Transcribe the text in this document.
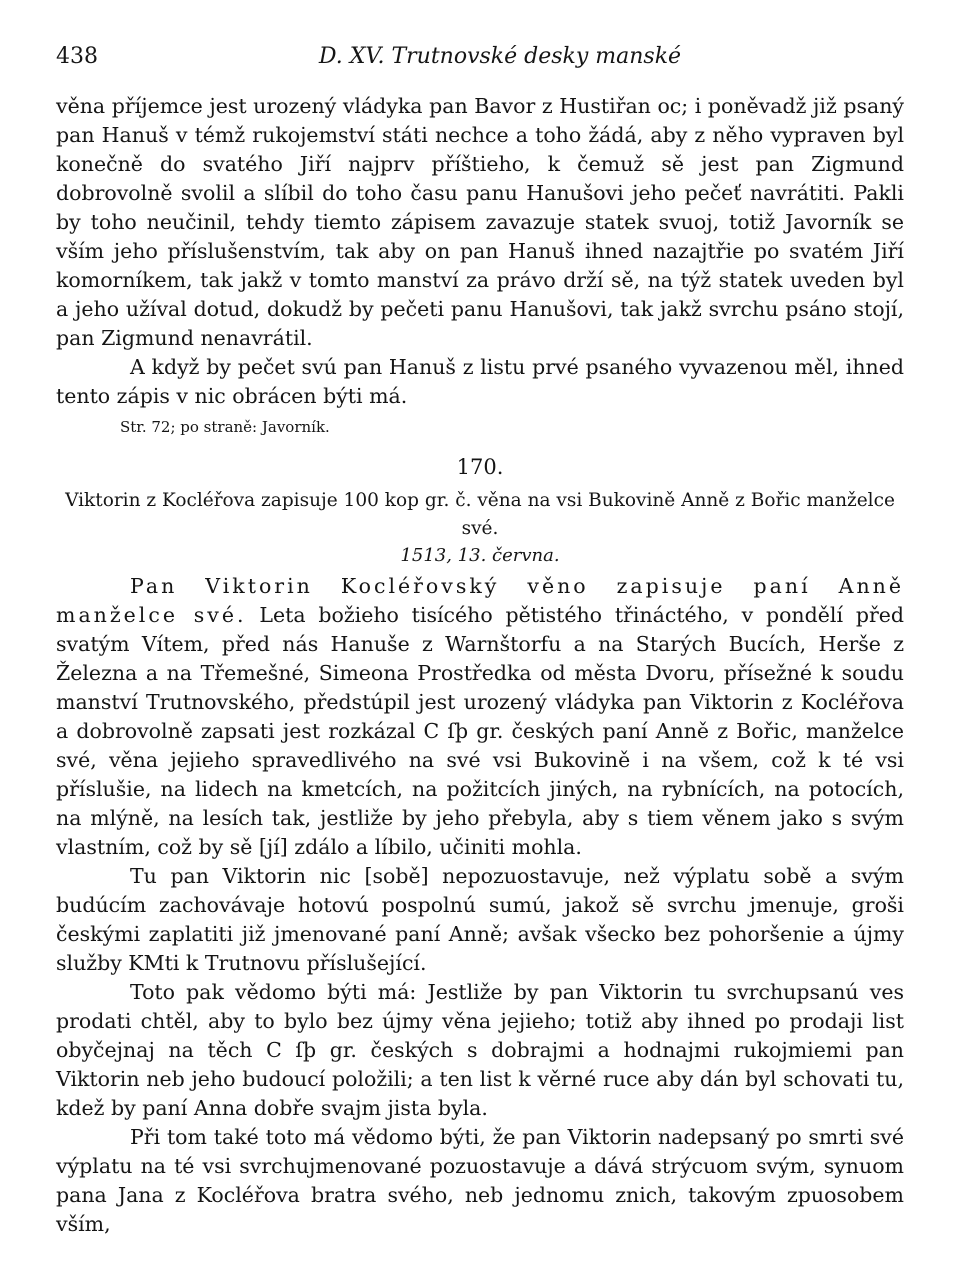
438	D. XV. Trutnovské desky manské

věna příjemce jest urozený vládyka pan Bavor z Hustiřan oc; i poněvadž již psaný pan Hanuš v témž rukojemství státi nechce a toho žádá, aby z něho vypraven byl konečně do svatého Jiří najprv příštieho, k čemuž sě jest pan Zigmund dobrovolně svolil a slíbil do toho času panu Hanušovi jeho pečeť navrátiti. Pakli by toho neučinil, tehdy tiemto zápisem zavazuje statek svuoj, totiž Javorník se vším jeho příslušenstvím, tak aby on pan Hanuš ihned nazajtřie po svatém Jiří komorníkem, tak jakž v tomto manství za právo drží sě, na týž statek uveden byl a jeho užíval dotud, dokudž by pečeti panu Hanušovi, tak jakž svrchu psáno stojí, pan Zigmund nenavrátil.

A když by pečet svú pan Hanuš z listu prvé psaného vyvazenou měl, ihned tento zápis v nic obrácen býti má.

Str. 72; po straně: Javorník.

170.

Viktorin z Kocléřova zapisuje 100 kop gr. č. věna na vsi Bukovině Anně z Bořic manželce své.

1513, 13. června.

Pan Viktorin Kocléřovský věno zapisuje paní Anně manželce své. Leta božieho tisícého pětistého třináctého, v pondělí před svatým Vítem, před nás Hanuše z Warnštorfu a na Starých Bucích, Herše z Železna a na Třemešné, Simeona Prostředka od města Dvoru, přísežné k soudu manství Trutnovského, předstúpil jest urozený vládyka pan Viktorin z Kocléřova a dobrovolně zapsati jest rozkázal C ſþ gr. českých paní Anně z Bořic, manželce své, věna jejieho spravedlivého na své vsi Bukovině i na všem, což k té vsi příslušie, na lidech na kmetcích, na požitcích jiných, na rybnících, na potocích, na mlýně, na lesích tak, jestliže by jeho přebyla, aby s tiem věnem jako s svým vlastním, což by sě [jí] zdálo a líbilo, učiniti mohla.

Tu pan Viktorin nic [sobě] nepozuostavuje, než výplatu sobě a svým budúcím zachovávaje hotovú pospolnú sumú, jakož sě svrchu jmenuje, groši českými zaplatiti již jmenované paní Anně; avšak všecko bez pohoršenie a újmy služby KMti k Trutnovu příslušející.

Toto pak vědomo býti má: Jestliže by pan Viktorin tu svrchupsanú ves prodati chtěl, aby to bylo bez újmy věna jejieho; totiž aby ihned po prodaji list obyčejnaj na těch C ſþ gr. českých s dobrajmi a hodnajmi rukojmiemi pan Viktorin neb jeho budoucí položili; a ten list k věrné ruce aby dán byl schovati tu, kdež by paní Anna dobře svajm jista byla.

Při tom také toto má vědomo býti, že pan Viktorin nadepsaný po smrti své výplatu na té vsi svrchujmenované pozuostavuje a dává strýcuom svým, synuom pana Jana z Kocléřova bratra svého, neb jednomu znich, takovým zpuosobem vším,
